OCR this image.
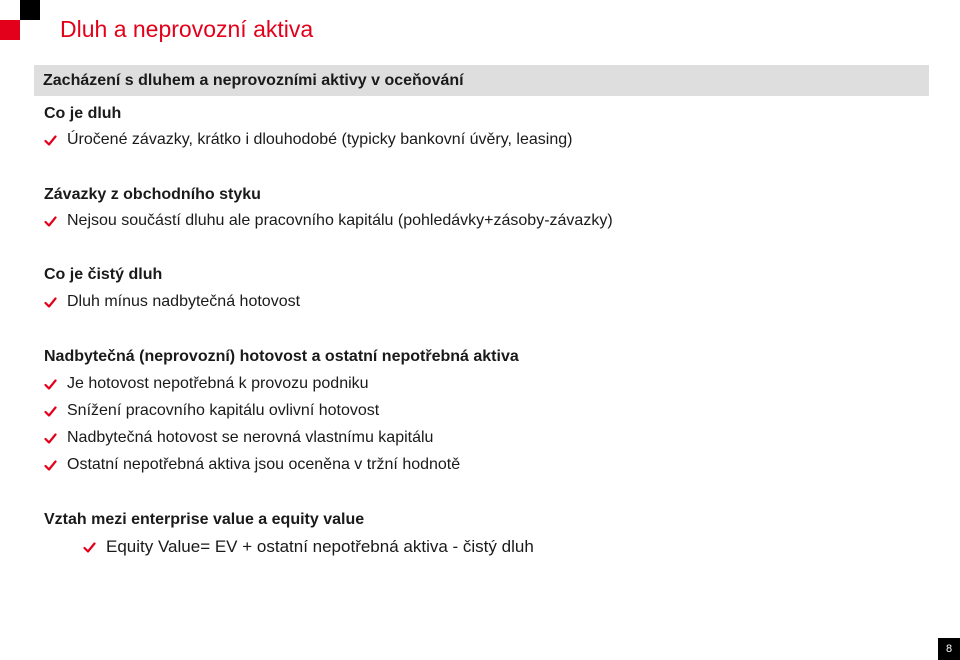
Dluh a neprovozní aktiva
Zacházení s dluhem a neprovozními aktivy v oceňování
Co je dluh
Úročené závazky, krátko i dlouhodobé (typicky bankovní úvěry, leasing)
Závazky z obchodního styku
Nejsou součástí dluhu ale pracovního kapitálu (pohledávky+zásoby-závazky)
Co je čistý dluh
Dluh mínus nadbytečná hotovost
Nadbytečná (neprovozní) hotovost a ostatní nepotřebná aktiva
Je hotovost nepotřebná k provozu podniku
Snížení pracovního kapitálu ovlivní hotovost
Nadbytečná hotovost se nerovná vlastnímu kapitálu
Ostatní nepotřebná aktiva jsou oceněna v tržní hodnotě
Vztah mezi enterprise value a equity value
Equity Value= EV + ostatní nepotřebná aktiva - čistý dluh
8
